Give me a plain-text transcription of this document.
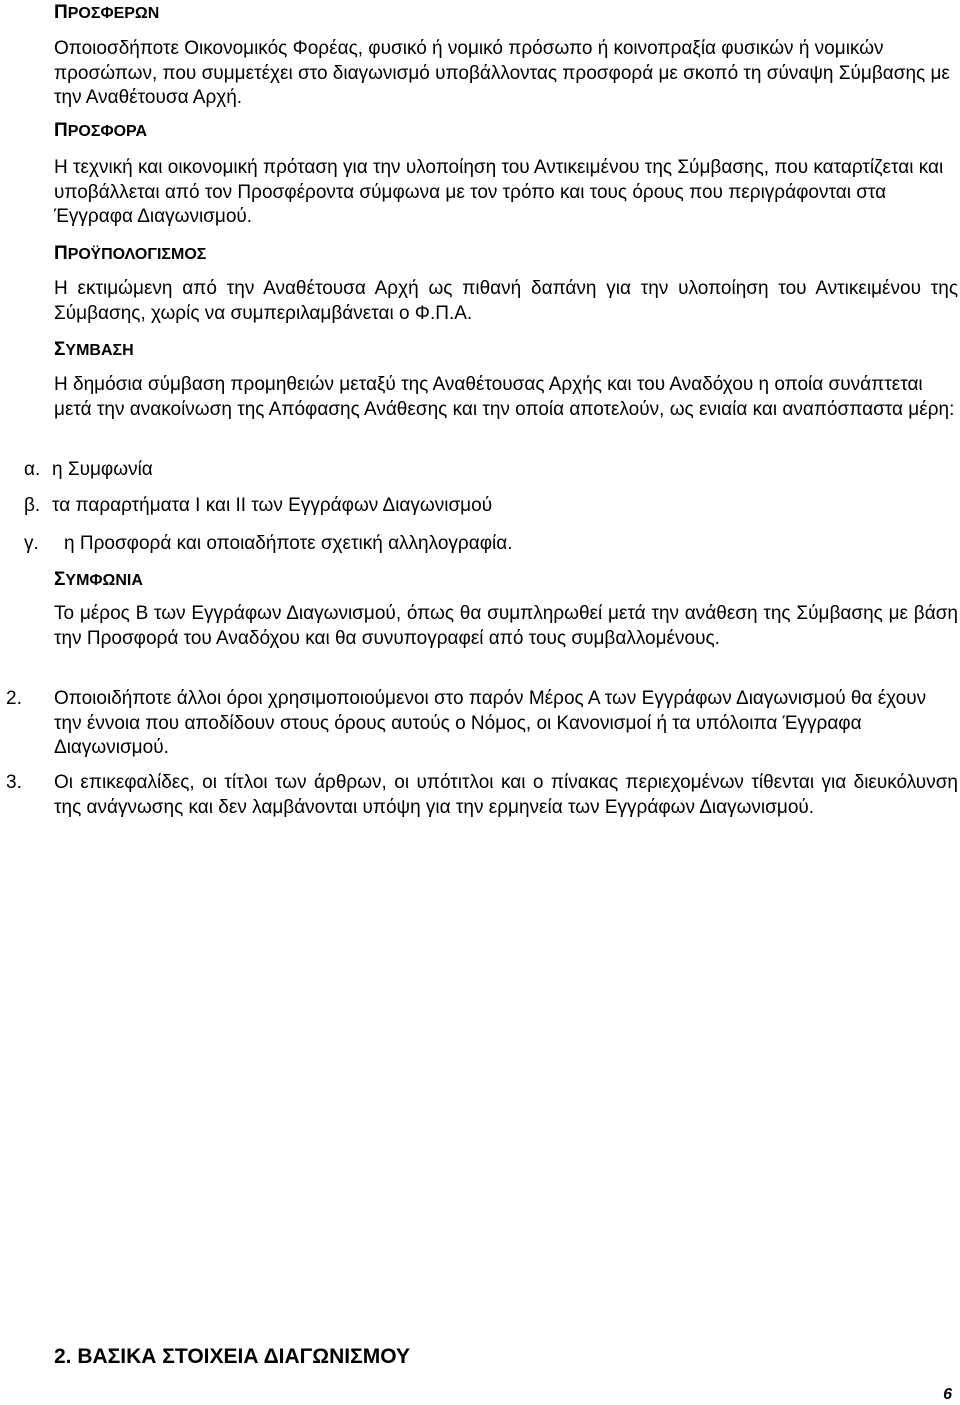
ΠΡΟΣΦΕΡΩΝ
Οποιοσδήποτε Οικονομικός Φορέας, φυσικό ή νομικό πρόσωπο ή κοινοπραξία φυσικών ή νομικών προσώπων, που συμμετέχει στο διαγωνισμό υποβάλλοντας προσφορά με σκοπό τη σύναψη Σύμβασης με την Αναθέτουσα Αρχή.
ΠΡΟΣΦΟΡΑ
Η τεχνική και οικονομική πρόταση για την υλοποίηση του Αντικειμένου της Σύμβασης, που καταρτίζεται και υποβάλλεται από τον Προσφέροντα σύμφωνα με τον τρόπο και τους όρους που περιγράφονται στα Έγγραφα Διαγωνισμού.
ΠΡΟΫΠΟΛΟΓΙΣΜΟΣ
Η εκτιμώμενη από την Αναθέτουσα Αρχή ως πιθανή δαπάνη για την υλοποίηση του Αντικειμένου της Σύμβασης, χωρίς να συμπεριλαμβάνεται ο Φ.Π.Α.
ΣΥΜΒΑΣΗ
Η δημόσια σύμβαση προμηθειών μεταξύ της Αναθέτουσας Αρχής και του Αναδόχου η οποία συνάπτεται μετά την ανακοίνωση της Απόφασης Ανάθεσης και την οποία αποτελούν, ως ενιαία και αναπόσπαστα μέρη:
α. η Συμφωνία
β. τα παραρτήματα Ι και ΙΙ των Εγγράφων Διαγωνισμού
γ. η Προσφορά και οποιαδήποτε σχετική αλληλογραφία.
ΣΥΜΦΩΝΙΑ
Το μέρος Β των Εγγράφων Διαγωνισμού, όπως θα συμπληρωθεί μετά την ανάθεση της Σύμβασης με βάση την Προσφορά του Αναδόχου και θα συνυπογραφεί από τους συμβαλλομένους.
2. Οποιοιδήποτε άλλοι όροι χρησιμοποιούμενοι στο παρόν Μέρος Α των Εγγράφων Διαγωνισμού θα έχουν την έννοια που αποδίδουν στους όρους αυτούς ο Νόμος, οι Κανονισμοί ή τα υπόλοιπα Έγγραφα Διαγωνισμού.
3. Οι επικεφαλίδες, οι τίτλοι των άρθρων, οι υπότιτλοι και ο πίνακας περιεχομένων τίθενται για διευκόλυνση της ανάγνωσης και δεν λαμβάνονται υπόψη για την ερμηνεία των Εγγράφων Διαγωνισμού.
2. ΒΑΣΙΚΑ ΣΤΟΙΧΕΙΑ ΔΙΑΓΩΝΙΣΜΟΥ
6
